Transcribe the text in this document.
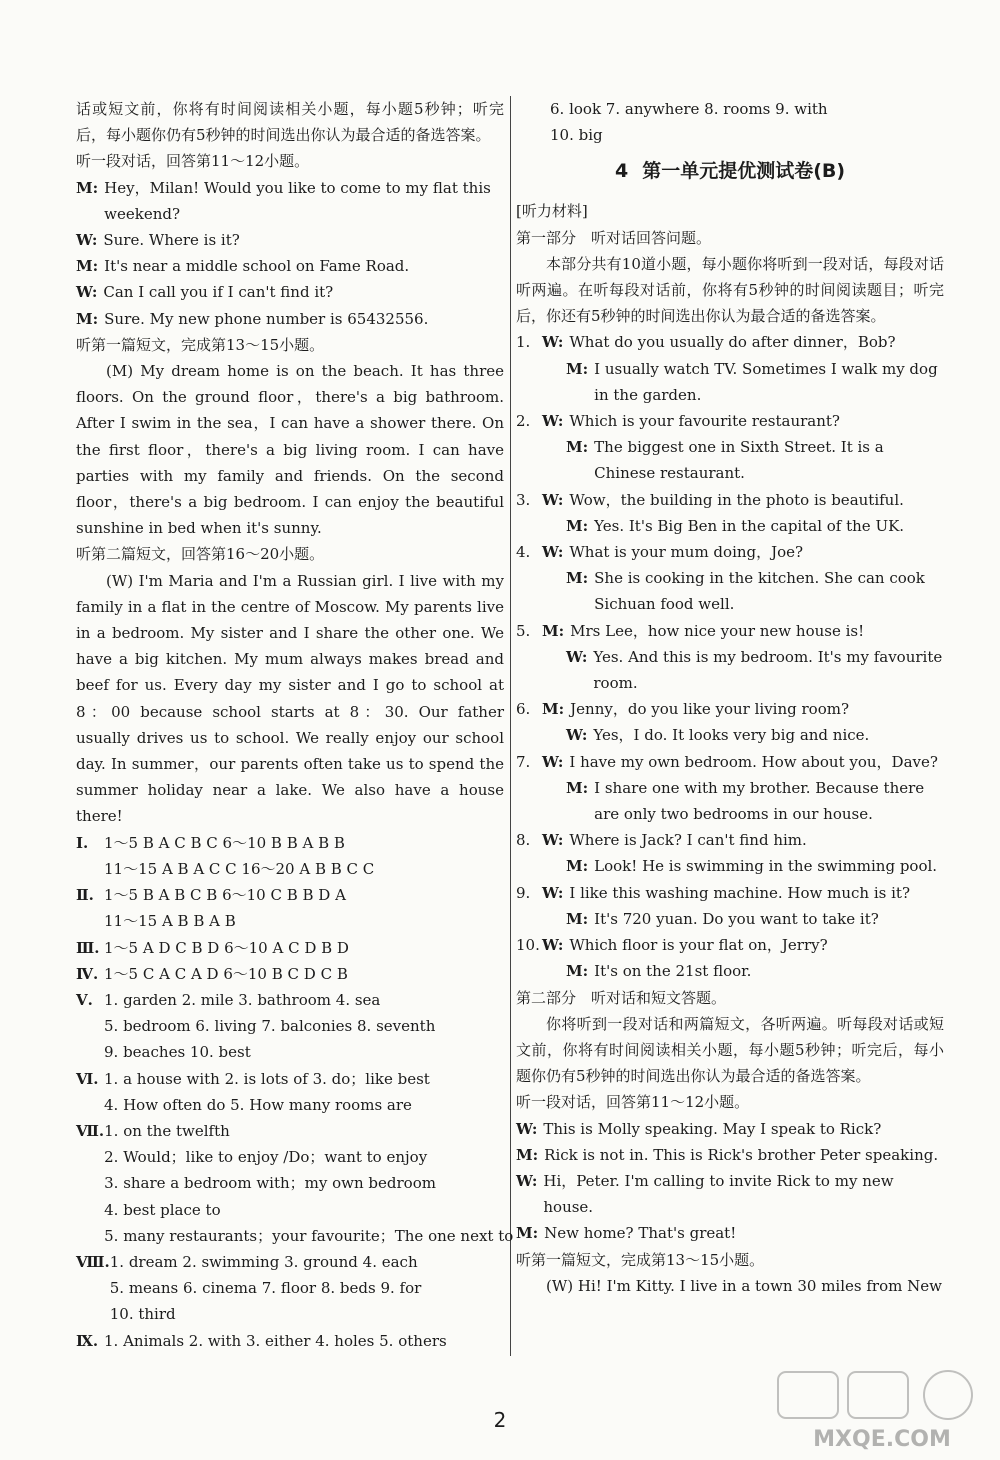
话或短文前，你将有时间阅读相关小题，每小题5秒钟；听完后，每小题你仍有5秒钟的时间选出你认为最合适的备选答案。

听一段对话，回答第11～12小题。

M: Hey，Milan! Would you like to come to my flat this weekend?
W: Sure. Where is it?
M: It's near a middle school on Fame Road.
W: Can I call you if I can't find it?
M: Sure. My new phone number is 65432556.

听第一篇短文，完成第13～15小题。

(M) My dream home is on the beach. It has three floors. On the ground floor，there's a big bathroom. After I swim in the sea，I can have a shower there. On the first floor，there's a big living room. I can have parties with my family and friends. On the second floor，there's a big bedroom. I can enjoy the beautiful sunshine in bed when it's sunny.

听第二篇短文，回答第16～20小题。

(W) I'm Maria and I'm a Russian girl. I live with my family in a flat in the centre of Moscow. My parents live in a bedroom. My sister and I share the other one. We have a big kitchen. My mum always makes bread and beef for us. Every day my sister and I go to school at 8：00 because school starts at 8：30. Our father usually drives us to school. We really enjoy our school day. In summer，our parents often take us to spend the summer holiday near a lake. We also have a house there!

Ⅰ.	1～5 B A C B C 6～10 B B A B B

11～15 A B A C C 16～20 A B B C C

Ⅱ. 1～5 B A B C B 6～10 C B B D A

11～15 A B B A B

Ⅲ. 1～5 A D C B D 6～10 A C D B D

Ⅳ. 1～5 C A C A D 6～10 B C D C B

Ⅴ. 1. garden 2. mile 3. bathroom 4. sea

5. bedroom 6. living 7. balconies 8. seventh

9. beaches 10. best

Ⅵ. 1. a house with 2. is lots of 3. do；like best

4. How often do 5. How many rooms are

Ⅶ. 1. on the twelfth

2. Would；like to enjoy /Do；want to enjoy

3. share a bedroom with；my own bedroom

4. best place to

5. many restaurants；your favourite；The one next to

Ⅷ. 1. dream 2. swimming 3. ground 4. each

5. means 6. cinema 7. floor 8. beds 9. for

10. third

Ⅸ. 1. Animals 2. with 3. either 4. holes 5. others

6. look 7. anywhere 8. rooms 9. with

10. big

4 第一单元提优测试卷(B)

[听力材料]

第一部分　听对话回答问题。

本部分共有10道小题，每小题你将听到一段对话，每段对话听两遍。在听每段对话前，你将有5秒钟的时间阅读题目；听完后，你还有5秒钟的时间选出你认为最合适的备选答案。

1. W: What do you usually do after dinner，Bob?
M: I usually watch TV. Sometimes I walk my dog in the garden.
2. W: Which is your favourite restaurant?
M: The biggest one in Sixth Street. It is a Chinese restaurant.
3. W: Wow，the building in the photo is beautiful.
M: Yes. It's Big Ben in the capital of the UK.
4. W: What is your mum doing，Joe?
M: She is cooking in the kitchen. She can cook Sichuan food well.
5. M: Mrs Lee，how nice your new house is!
W: Yes. And this is my bedroom. It's my favourite room.
6. M: Jenny，do you like your living room?
W: Yes，I do. It looks very big and nice.
7. W: I have my own bedroom. How about you，Dave?
M: I share one with my brother. Because there are only two bedrooms in our house.
8. W: Where is Jack? I can't find him.
M: Look! He is swimming in the swimming pool.
9. W: I like this washing machine. How much is it?
M: It's 720 yuan. Do you want to take it?
10. W: Which floor is your flat on，Jerry?
M: It's on the 21st floor.

第二部分　听对话和短文答题。

你将听到一段对话和两篇短文，各听两遍。听每段对话或短文前，你将有时间阅读相关小题，每小题5秒钟；听完后，每小题你仍有5秒钟的时间选出你认为最合适的备选答案。

听一段对话，回答第11～12小题。

W: This is Molly speaking. May I speak to Rick?
M: Rick is not in. This is Rick's brother Peter speaking.
W: Hi，Peter. I'm calling to invite Rick to my new house.
M: New home? That's great!

听第一篇短文，完成第13～15小题。

(W) Hi! I'm Kitty. I live in a town 30 miles from New

2
MXQE.COM
